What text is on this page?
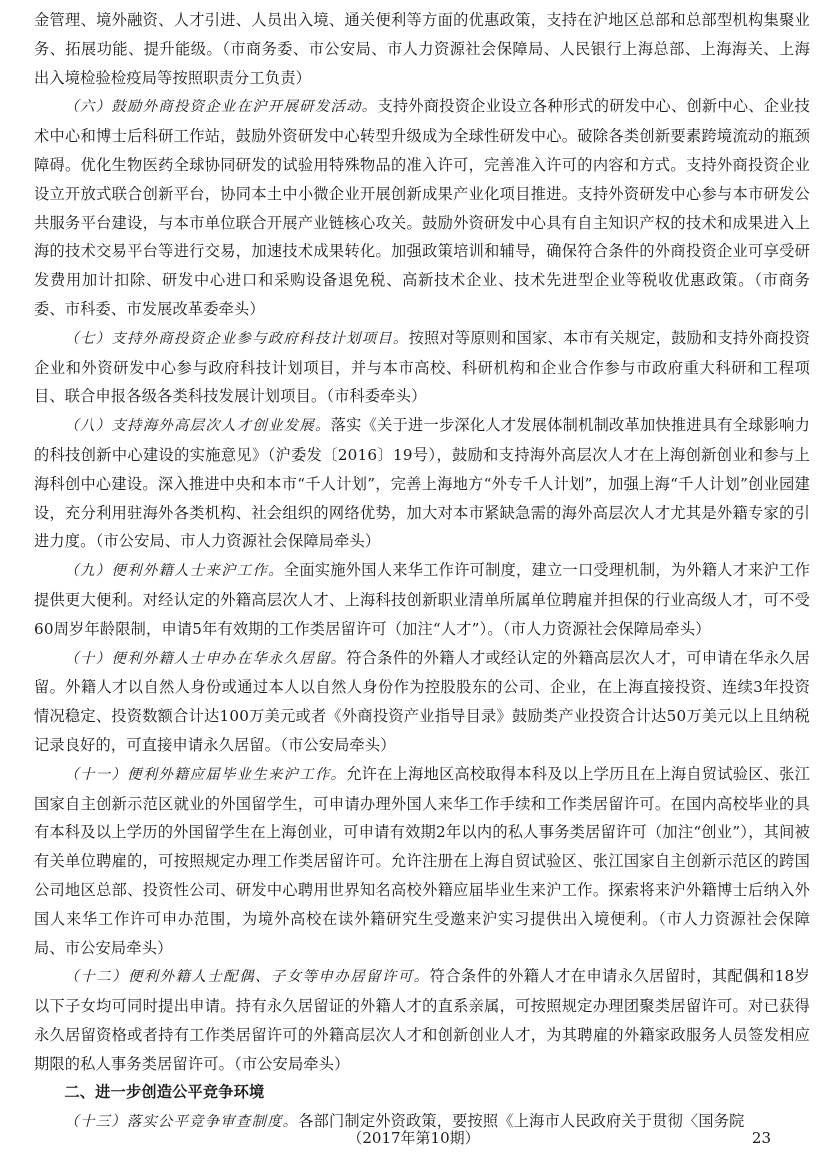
金管理、境外融资、人才引进、人员出入境、通关便利等方面的优惠政策，支持在沪地区总部和总部型机构集聚业务、拓展功能、提升能级。（市商务委、市公安局、市人力资源社会保障局、人民银行上海总部、上海海关、上海出入境检验检疫局等按照职责分工负责）

（六）鼓励外商投资企业在沪开展研发活动。支持外商投资企业设立各种形式的研发中心、创新中心、企业技术中心和博士后科研工作站，鼓励外资研发中心转型升级成为全球性研发中心。破除各类创新要素跨境流动的瓶颈障碍。优化生物医药全球协同研发的试验用特殊物品的准入许可，完善准入许可的内容和方式。支持外商投资企业设立开放式联合创新平台，协同本土中小微企业开展创新成果产业化项目推进。支持外资研发中心参与本市研发公共服务平台建设，与本市单位联合开展产业链核心攻关。鼓励外资研发中心具有自主知识产权的技术和成果进入上海的技术交易平台等进行交易，加速技术成果转化。加强政策培训和辅导，确保符合条件的外商投资企业可享受研发费用加计扣除、研发中心进口和采购设备退免税、高新技术企业、技术先进型企业等税收优惠政策。（市商务委、市科委、市发展改革委牵头）

（七）支持外商投资企业参与政府科技计划项目。按照对等原则和国家、本市有关规定，鼓励和支持外商投资企业和外资研发中心参与政府科技计划项目，并与本市高校、科研机构和企业合作参与市政府重大科研和工程项目、联合申报各级各类科技发展计划项目。（市科委牵头）

（八）支持海外高层次人才创业发展。落实《关于进一步深化人才发展体制机制改革加快推进具有全球影响力的科技创新中心建设的实施意见》（沪委发〔2016〕19号），鼓励和支持海外高层次人才在上海创新创业和参与上海科创中心建设。深入推进中央和本市“千人计划”，完善上海地方“外专千人计划”，加强上海“千人计划”创业园建设，充分利用驻海外各类机构、社会组织的网络优势，加大对本市紧缺急需的海外高层次人才尤其是外籍专家的引进力度。（市公安局、市人力资源社会保障局牵头）

（九）便利外籍人士来沪工作。全面实施外国人来华工作许可制度，建立一口受理机制，为外籍人才来沪工作提供更大便利。对经认定的外籍高层次人才、上海科技创新职业清单所属单位聘雇并担保的行业高级人才，可不受60周岁年龄限制，申请5年有效期的工作类居留许可（加注“人才”）。（市人力资源社会保障局牵头）

（十）便利外籍人士申办在华永久居留。符合条件的外籍人才或经认定的外籍高层次人才，可申请在华永久居留。外籍人才以自然人身份或通过本人以自然人身份作为控股股东的公司、企业，在上海直接投资、连续3年投资情况稳定、投资数额合计达100万美元或者《外商投资产业指导目录》鼓励类产业投资合计达50万美元以上且纳税记录良好的，可直接申请永久居留。（市公安局牵头）

（十一）便利外籍应届毕业生来沪工作。允许在上海地区高校取得本科及以上学历且在上海自贸试验区、张江国家自主创新示范区就业的外国留学生，可申请办理外国人来华工作手续和工作类居留许可。在国内高校毕业的具有本科及以上学历的外国留学生在上海创业，可申请有效期2年以内的私人事务类居留许可（加注“创业”），其间被有关单位聘雇的，可按照规定办理工作类居留许可。允许注册在上海自贸试验区、张江国家自主创新示范区的跨国公司地区总部、投资性公司、研发中心聘用世界知名高校外籍应届毕业生来沪工作。探索将来沪外籍博士后纳入外国人来华工作许可申办范围，为境外高校在读外籍研究生受邀来沪实习提供出入境便利。（市人力资源社会保障局、市公安局牵头）

（十二）便利外籍人士配偶、子女等申办居留许可。符合条件的外籍人才在申请永久居留时，其配偶和18岁以下子女均可同时提出申请。持有永久居留证的外籍人才的直系亲属，可按照规定办理团聚类居留许可。对已获得永久居留资格或者持有工作类居留许可的外籍高层次人才和创新创业人才，为其聘雇的外籍家政服务人员签发相应期限的私人事务类居留许可。（市公安局牵头）

二、进一步创造公平竞争环境

（十三）落实公平竞争审查制度。各部门制定外资政策，要按照《上海市人民政府关于贯彻〈国务院

（2017年第10期）	23
